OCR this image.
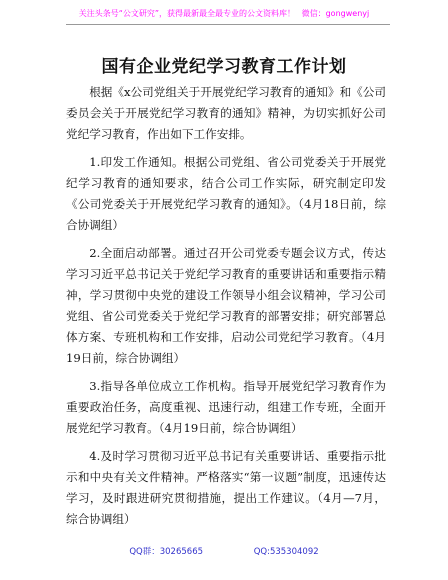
关注头条号“公文研究”，获得最新最全最专业的公文资料库！ 微信：gongwenyj
国有企业党纪学习教育工作计划

根据《x公司党组关于开展党纪学习教育的通知》和《公司委员会关于开展党纪学习教育的通知》精神，为切实抓好公司党纪学习教育，作出如下工作安排。

1.印发工作通知。根据公司党组、省公司党委关于开展党纪学习教育的通知要求，结合公司工作实际，研究制定印发《公司党委关于开展党纪学习教育的通知》。（4月18日前，综合协调组）

2.全面启动部署。通过召开公司党委专题会议方式，传达学习习近平总书记关于党纪学习教育的重要讲话和重要指示精神，学习贯彻中央党的建设工作领导小组会议精神，学习公司党组、省公司党委关于党纪学习教育的部署安排；研究部署总体方案、专班机构和工作安排，启动公司党纪学习教育。（4月19日前，综合协调组）

3.指导各单位成立工作机构。指导开展党纪学习教育作为重要政治任务，高度重视、迅速行动，组建工作专班，全面开展党纪学习教育。（4月19日前，综合协调组）

4.及时学习贯彻习近平总书记有关重要讲话、重要指示批示和中央有关文件精神。严格落实“第一议题”制度，迅速传达学习，及时跟进研究贯彻措施，提出工作建议。（4月—7月，综合协调组）

QQ群：30265665	QQ:535304092
